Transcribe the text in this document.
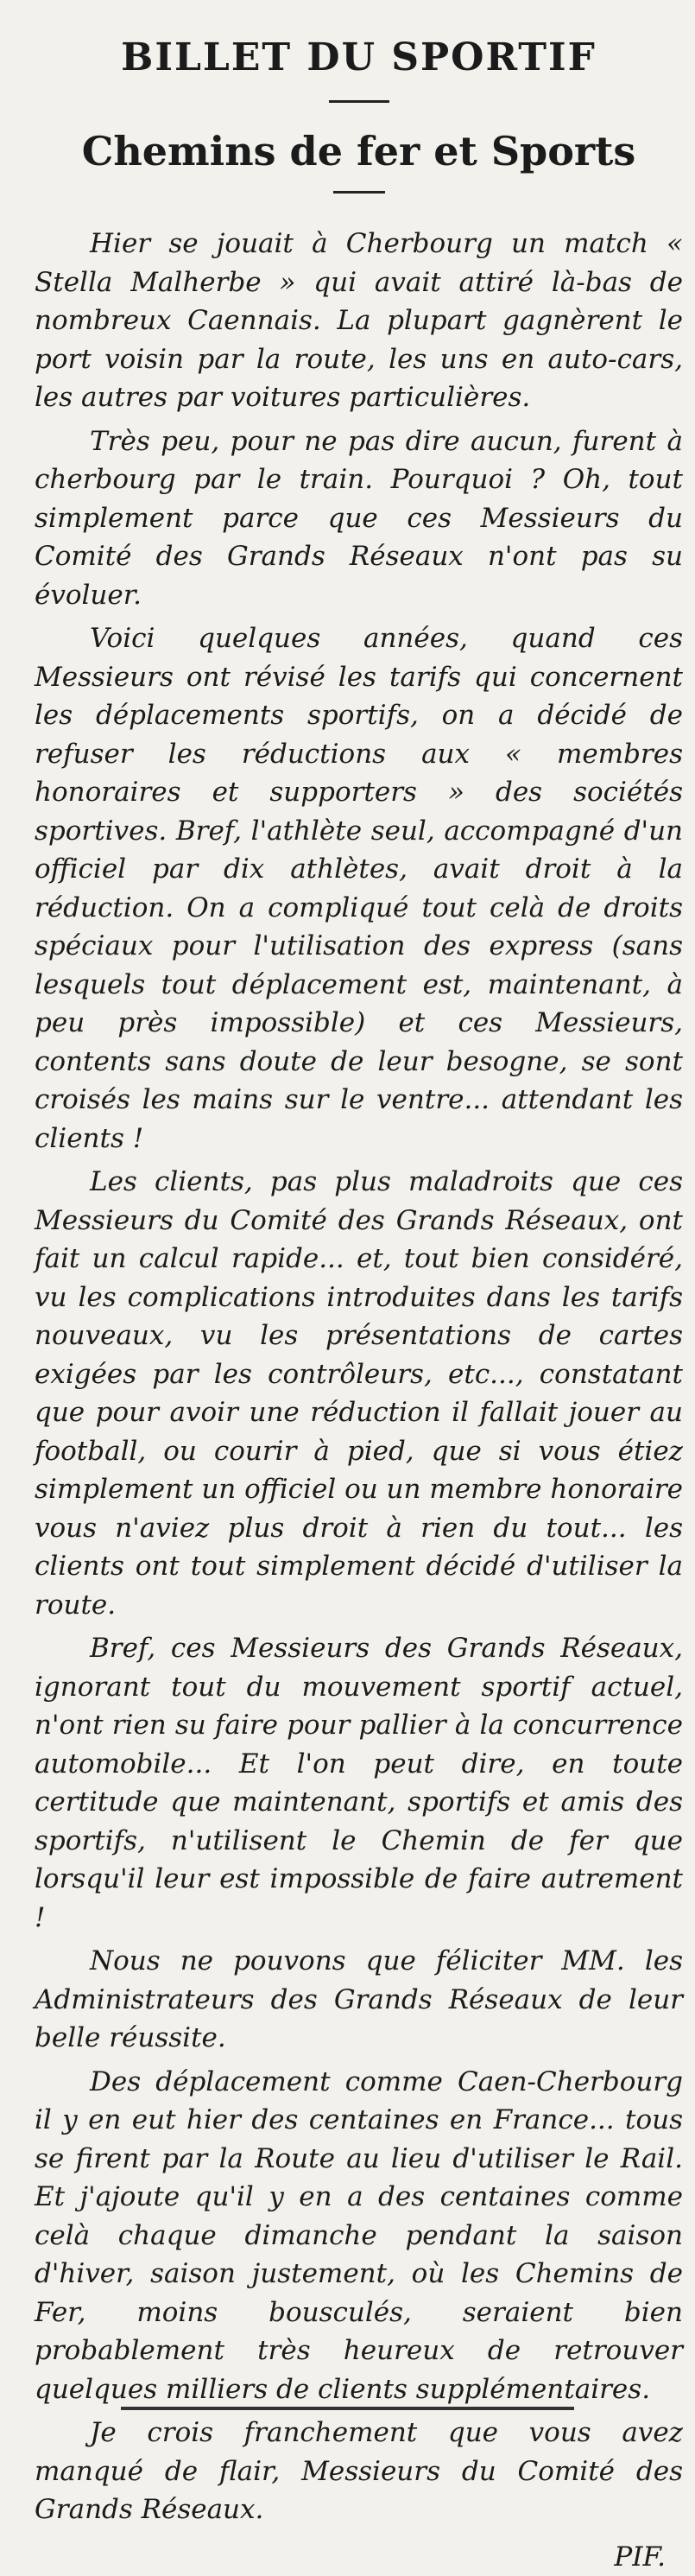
BILLET DU SPORTIF
Chemins de fer et Sports

Hier se jouait à Cherbourg un match « Stella Malherbe » qui avait attiré là-bas de nombreux Caennais. La plupart gagnèrent le port voisin par la route, les uns en auto-cars, les autres par voitures particulières.

Très peu, pour ne pas dire aucun, furent à cherbourg par le train. Pourquoi ? Oh, tout simplement parce que ces Messieurs du Comité des Grands Réseaux n'ont pas su évoluer.

Voici quelques années, quand ces Messieurs ont révisé les tarifs qui concernent les déplacements sportifs, on a décidé de refuser les réductions aux « membres honoraires et supporters » des sociétés sportives. Bref, l'athlète seul, accompagné d'un officiel par dix athlètes, avait droit à la réduction. On a compliqué tout celà de droits spéciaux pour l'utilisation des express (sans lesquels tout déplacement est, maintenant, à peu près impossible) et ces Messieurs, contents sans doute de leur besogne, se sont croisés les mains sur le ventre... attendant les clients !

Les clients, pas plus maladroits que ces Messieurs du Comité des Grands Réseaux, ont fait un calcul rapide... et, tout bien considéré, vu les complications introduites dans les tarifs nouveaux, vu les présentations de cartes exigées par les contrôleurs, etc..., constatant que pour avoir une réduction il fallait jouer au football, ou courir à pied, que si vous étiez simplement un officiel ou un membre honoraire vous n'aviez plus droit à rien du tout... les clients ont tout simplement décidé d'utiliser la route.

Bref, ces Messieurs des Grands Réseaux, ignorant tout du mouvement sportif actuel, n'ont rien su faire pour pallier à la concurrence automobile... Et l'on peut dire, en toute certitude que maintenant, sportifs et amis des sportifs, n'utilisent le Chemin de fer que lorsqu'il leur est impossible de faire autrement !

Nous ne pouvons que féliciter MM. les Administrateurs des Grands Réseaux de leur belle réussite.

Des déplacement comme Caen-Cherbourg il y en eut hier des centaines en France... tous se firent par la Route au lieu d'utiliser le Rail. Et j'ajoute qu'il y en a des centaines comme celà chaque dimanche pendant la saison d'hiver, saison justement, où les Chemins de Fer, moins bousculés, seraient bien probablement très heureux de retrouver quelques milliers de clients supplémentaires.

Je crois franchement que vous avez manqué de flair, Messieurs du Comité des Grands Réseaux.

PIF.
